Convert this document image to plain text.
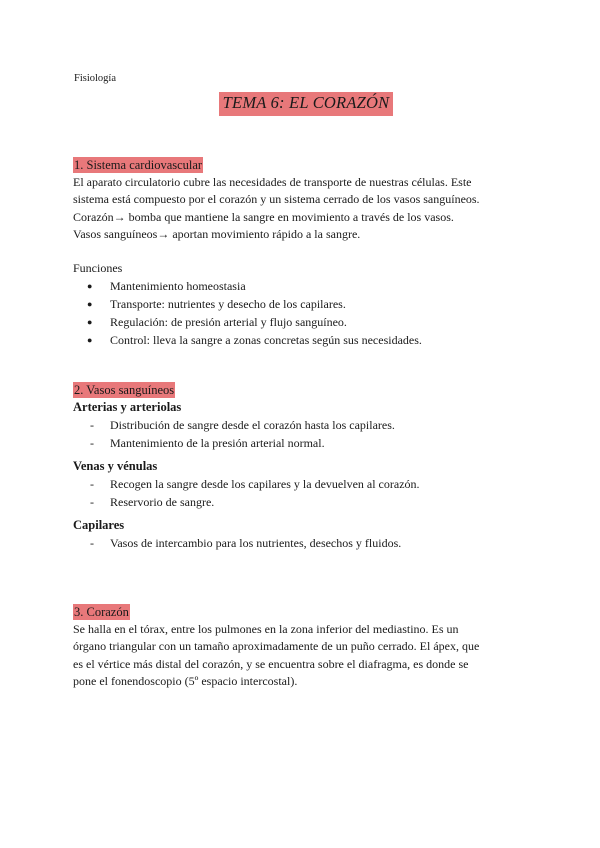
Fisiología
TEMA 6: EL CORAZÓN
1. Sistema cardiovascular

El aparato circulatorio cubre las necesidades de transporte de nuestras células. Este

sistema está compuesto por el corazón y un sistema cerrado de los vasos sanguíneos.

Corazón→ bomba que mantiene la sangre en movimiento a través de los vasos.

Vasos sanguíneos→ aportan movimiento rápido a la sangre.

Funciones

● Mantenimiento homeostasia
● Transporte: nutrientes y desecho de los capilares.
● Regulación: de presión arterial y flujo sanguíneo.
● Control: lleva la sangre a zonas concretas según sus necesidades.
2. Vasos sanguíneos
Arterias y arteriolas
- Distribución de sangre desde el corazón hasta los capilares.
- Mantenimiento de la presión arterial normal.
Venas y vénulas
- Recogen la sangre desde los capilares y la devuelven al corazón.
- Reservorio de sangre.
Capilares
- Vasos de intercambio para los nutrientes, desechos y fluidos.
3. Corazón

Se halla en el tórax, entre los pulmones en la zona inferior del mediastino. Es un

órgano triangular con un tamaño aproximadamente de un puño cerrado. El ápex, que

es el vértice más distal del corazón, y se encuentra sobre el diafragma, es donde se

pone el fonendoscopio (5º espacio intercostal).
